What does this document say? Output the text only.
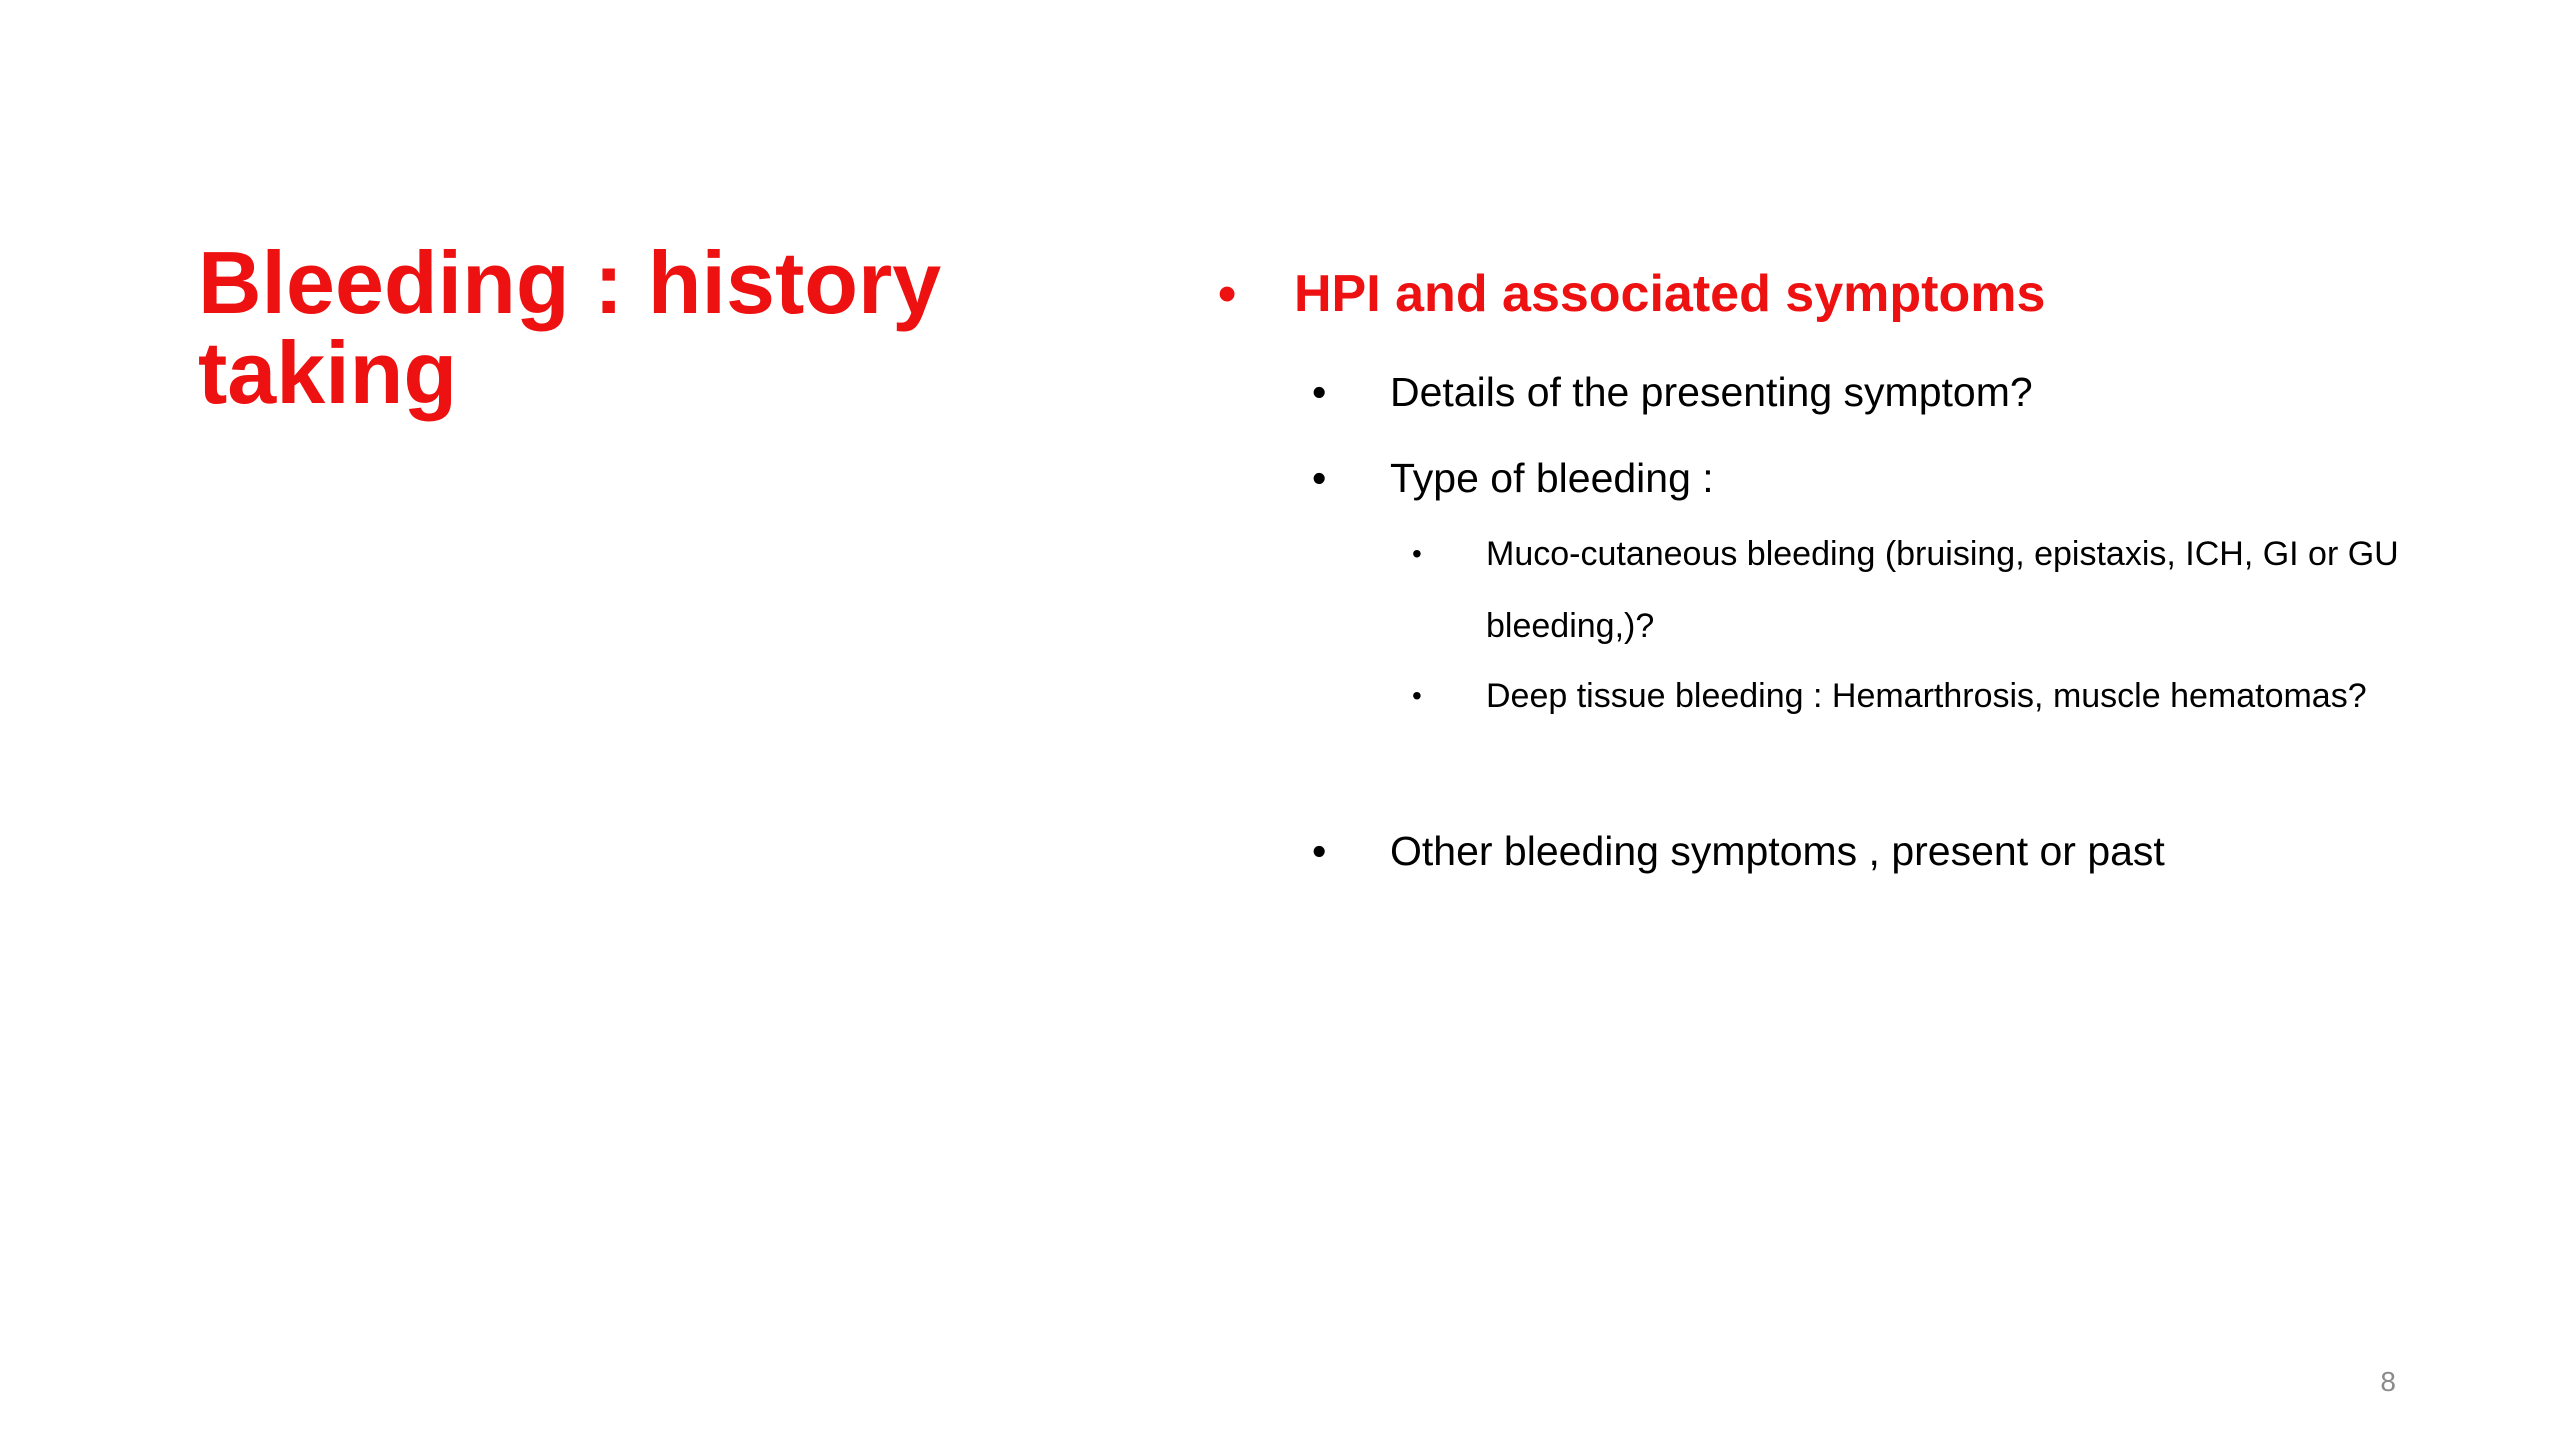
Bleeding : history taking
• HPI and associated symptoms
• Details of the presenting symptom?
• Type of bleeding :
• Muco-cutaneous bleeding (bruising, epistaxis, ICH, GI or GU bleeding,)?
• Deep tissue bleeding : Hemarthrosis, muscle hematomas?
• Other bleeding symptoms , present or past
8
